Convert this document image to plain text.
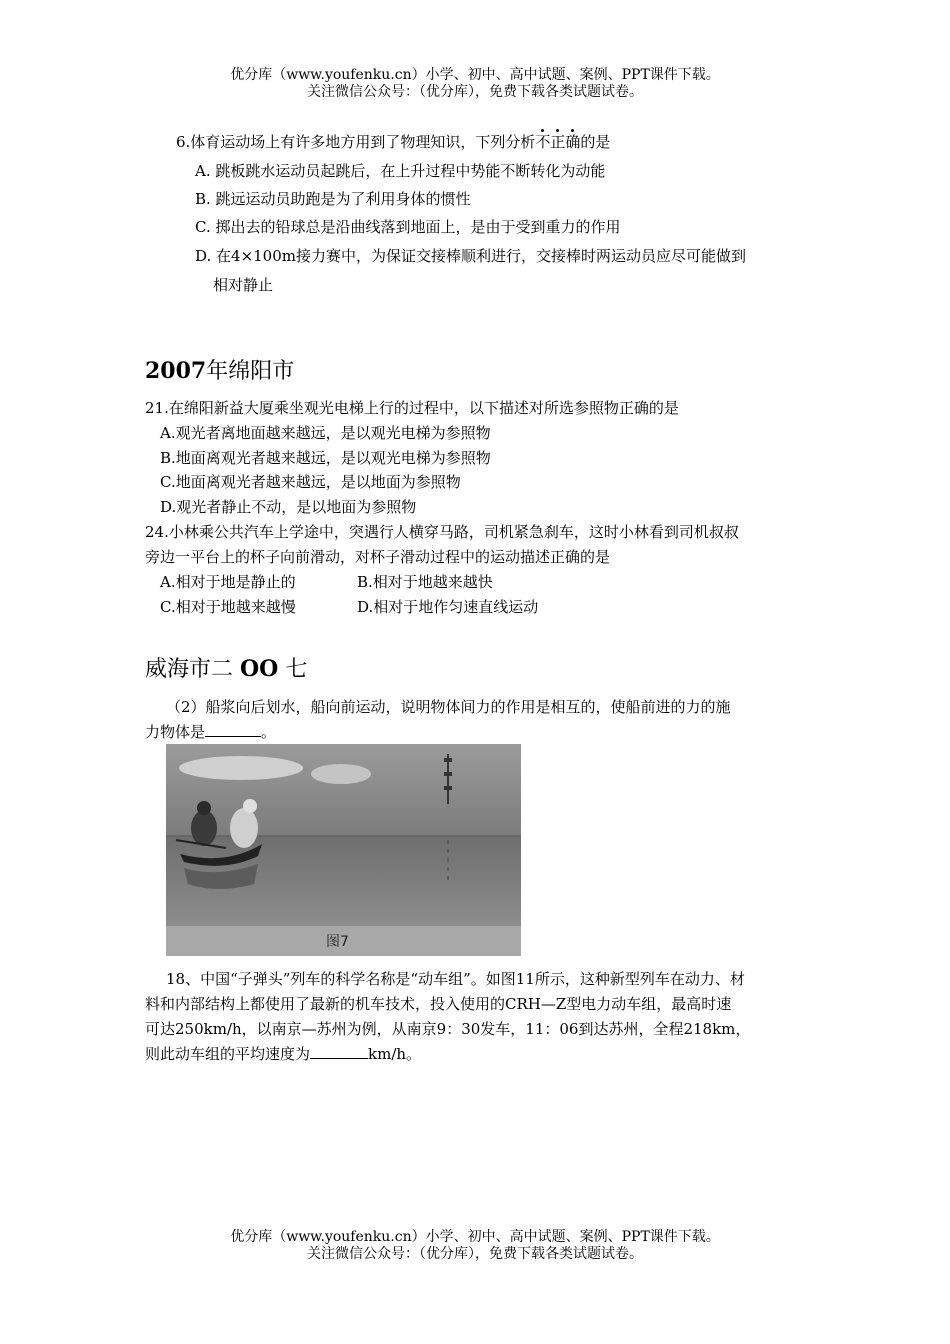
优分库（www.youfenku.cn）小学、初中、高中试题、案例、PPT课件下载。
关注微信公众号：（优分库），免费下载各类试题试卷。
6.体育运动场上有许多地方用到了物理知识，下列分析不正确的是
A. 跳板跳水运动员起跳后，在上升过程中势能不断转化为动能
B. 跳远运动员助跑是为了利用身体的惯性
C. 掷出去的铅球总是沿曲线落到地面上，是由于受到重力的作用
D. 在4×100m接力赛中，为保证交接棒顺利进行，交接棒时两运动员应尽可能做到
相对静止
2007年绵阳市
21.在绵阳新益大厦乘坐观光电梯上行的过程中，以下描述对所选参照物正确的是
A.观光者离地面越来越远，是以观光电梯为参照物
B.地面离观光者越来越远，是以观光电梯为参照物
C.地面离观光者越来越远，是以地面为参照物
D.观光者静止不动，是以地面为参照物
24.小林乘公共汽车上学途中，突遇行人横穿马路，司机紧急刹车，这时小林看到司机叔叔
旁边一平台上的杯子向前滑动，对杯子滑动过程中的运动描述正确的是
A.相对于地是静止的	B.相对于地越来越快
C.相对于地越来越慢	D.相对于地作匀速直线运动
威海市二 OO 七
（2）船浆向后划水，船向前运动，说明物体间力的作用是相互的，使船前进的力的施
力物体是	。
图7
18、中国“子弹头”列车的科学名称是“动车组”。如图11所示，这种新型列车在动力、材
料和内部结构上都使用了最新的机车技术，投入使用的CRH—Z型电力动车组，最高时速
可达250km/h，以南京—苏州为例，从南京9：30发车，11：06到达苏州，全程218km，
则此动车组的平均速度为	km/h。
优分库（www.youfenku.cn）小学、初中、高中试题、案例、PPT课件下载。
关注微信公众号：（优分库），免费下载各类试题试卷。
